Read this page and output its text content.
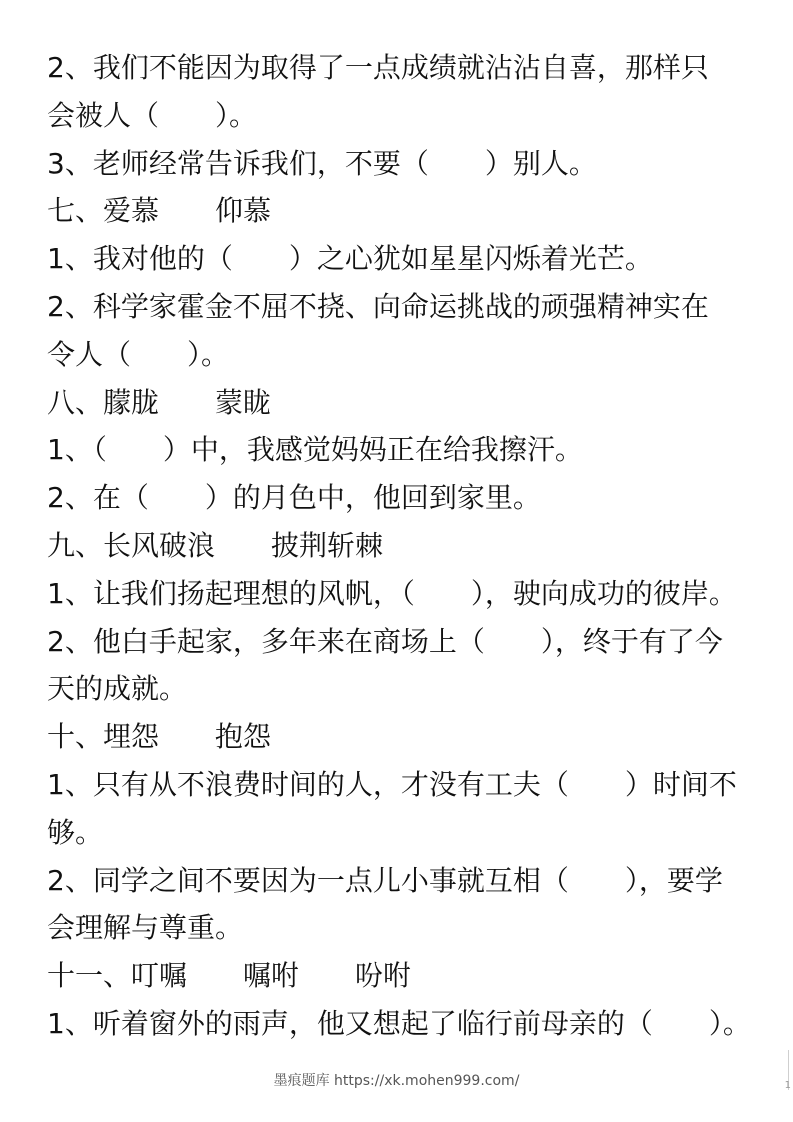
2、我们不能因为取得了一点成绩就沾沾自喜，那样只
会被人（　　）。
3、老师经常告诉我们，不要（　　）别人。
七、爱慕　　仰慕
1、我对他的（　　）之心犹如星星闪烁着光芒。
2、科学家霍金不屈不挠、向命运挑战的顽强精神实在
令人（　　）。
八、朦胧　　蒙眬
1、（　　）中，我感觉妈妈正在给我擦汗。
2、在（　　）的月色中，他回到家里。
九、长风破浪　　披荆斩棘
1、让我们扬起理想的风帆，（　　），驶向成功的彼岸。
2、他白手起家，多年来在商场上（　　），终于有了今
天的成就。
十、埋怨　　抱怨
1、只有从不浪费时间的人，才没有工夫（　　）时间不
够。
2、同学之间不要因为一点儿小事就互相（　　），要学
会理解与尊重。
十一、叮嘱　　嘱咐　　吩咐
1、听着窗外的雨声，他又想起了临行前母亲的（　　）。
墨痕题库 https://xk.mohen999.com/	1
